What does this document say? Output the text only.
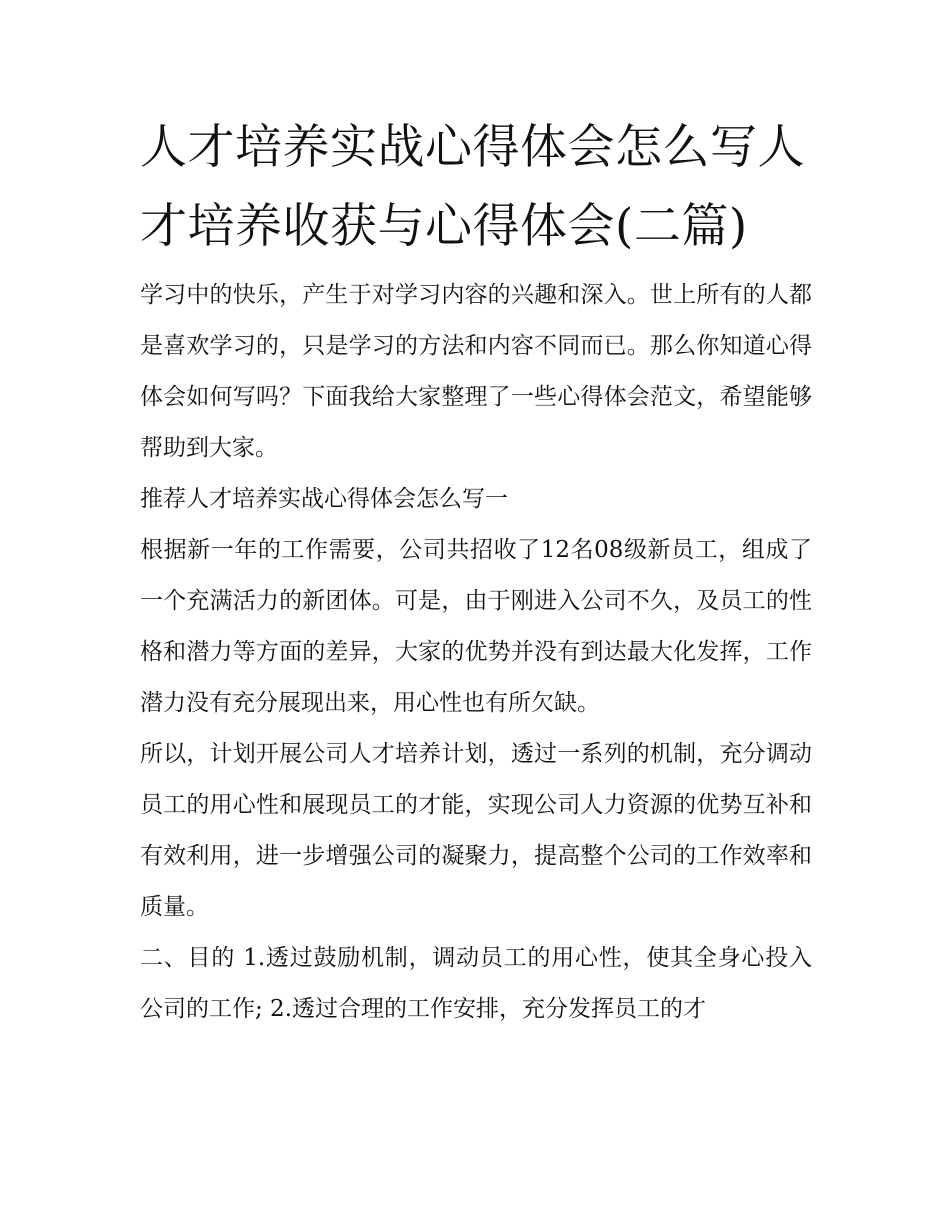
人才培养实战心得体会怎么写人才培养收获与心得体会(二篇)

学习中的快乐，产生于对学习内容的兴趣和深入。世上所有的人都是喜欢学习的，只是学习的方法和内容不同而已。那么你知道心得体会如何写吗？下面我给大家整理了一些心得体会范文，希望能够帮助到大家。

推荐人才培养实战心得体会怎么写一

根据新一年的工作需要，公司共招收了12名08级新员工，组成了一个充满活力的新团体。可是，由于刚进入公司不久，及员工的性格和潜力等方面的差异，大家的优势并没有到达最大化发挥，工作潜力没有充分展现出来，用心性也有所欠缺。

所以，计划开展公司人才培养计划，透过一系列的机制，充分调动员工的用心性和展现员工的才能，实现公司人力资源的优势互补和有效利用，进一步增强公司的凝聚力，提高整个公司的工作效率和质量。

二、目的 1.透过鼓励机制，调动员工的用心性，使其全身心投入公司的工作; 2.透过合理的工作安排，充分发挥员工的才
